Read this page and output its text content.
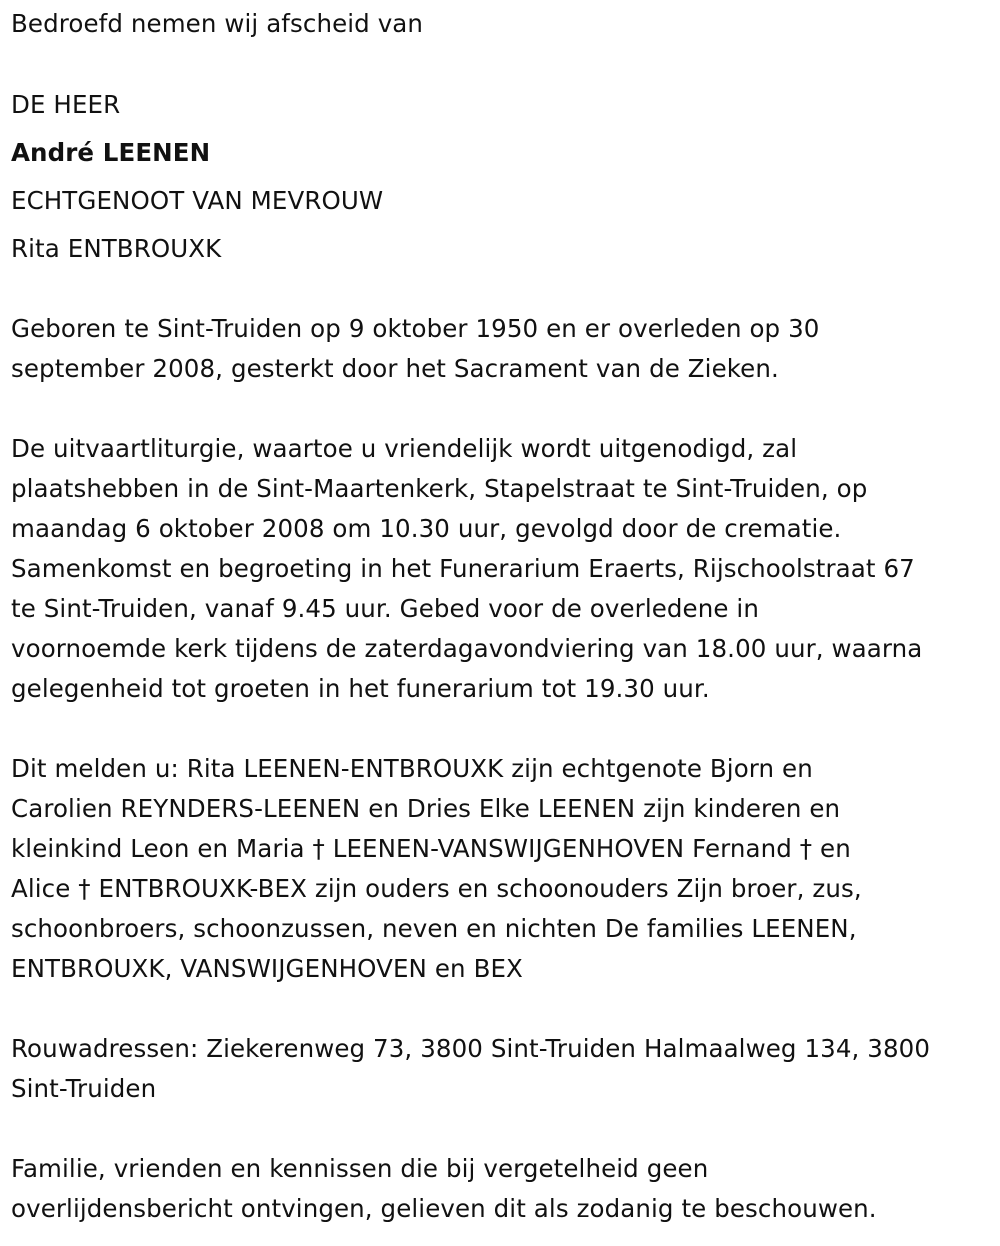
Bedroefd nemen wij afscheid van
DE HEER
André LEENEN
ECHTGENOOT VAN MEVROUW
Rita ENTBROUXK
Geboren te Sint-Truiden op 9 oktober 1950 en er overleden op 30
september 2008, gesterkt door het Sacrament van de Zieken.
De uitvaartliturgie, waartoe u vriendelijk wordt uitgenodigd, zal
plaatshebben in de Sint-Maartenkerk, Stapelstraat te Sint-Truiden, op
maandag 6 oktober 2008 om 10.30 uur, gevolgd door de crematie.
Samenkomst en begroeting in het Funerarium Eraerts, Rijschoolstraat 67
te Sint-Truiden, vanaf 9.45 uur. Gebed voor de overledene in
voornoemde kerk tijdens de zaterdagavondviering van 18.00 uur, waarna
gelegenheid tot groeten in het funerarium tot 19.30 uur.
Dit melden u: Rita LEENEN-ENTBROUXK zijn echtgenote Bjorn en
Carolien REYNDERS-LEENEN en Dries Elke LEENEN zijn kinderen en
kleinkind Leon en Maria † LEENEN-VANSWIJGENHOVEN Fernand † en
Alice † ENTBROUXK-BEX zijn ouders en schoonouders Zijn broer, zus,
schoonbroers, schoonzussen, neven en nichten De families LEENEN,
ENTBROUXK, VANSWIJGENHOVEN en BEX
Rouwadressen: Ziekerenweg 73, 3800 Sint-Truiden Halmaalweg 134, 3800
Sint-Truiden
Familie, vrienden en kennissen die bij vergetelheid geen
overlijdensbericht ontvingen, gelieven dit als zodanig te beschouwen.
